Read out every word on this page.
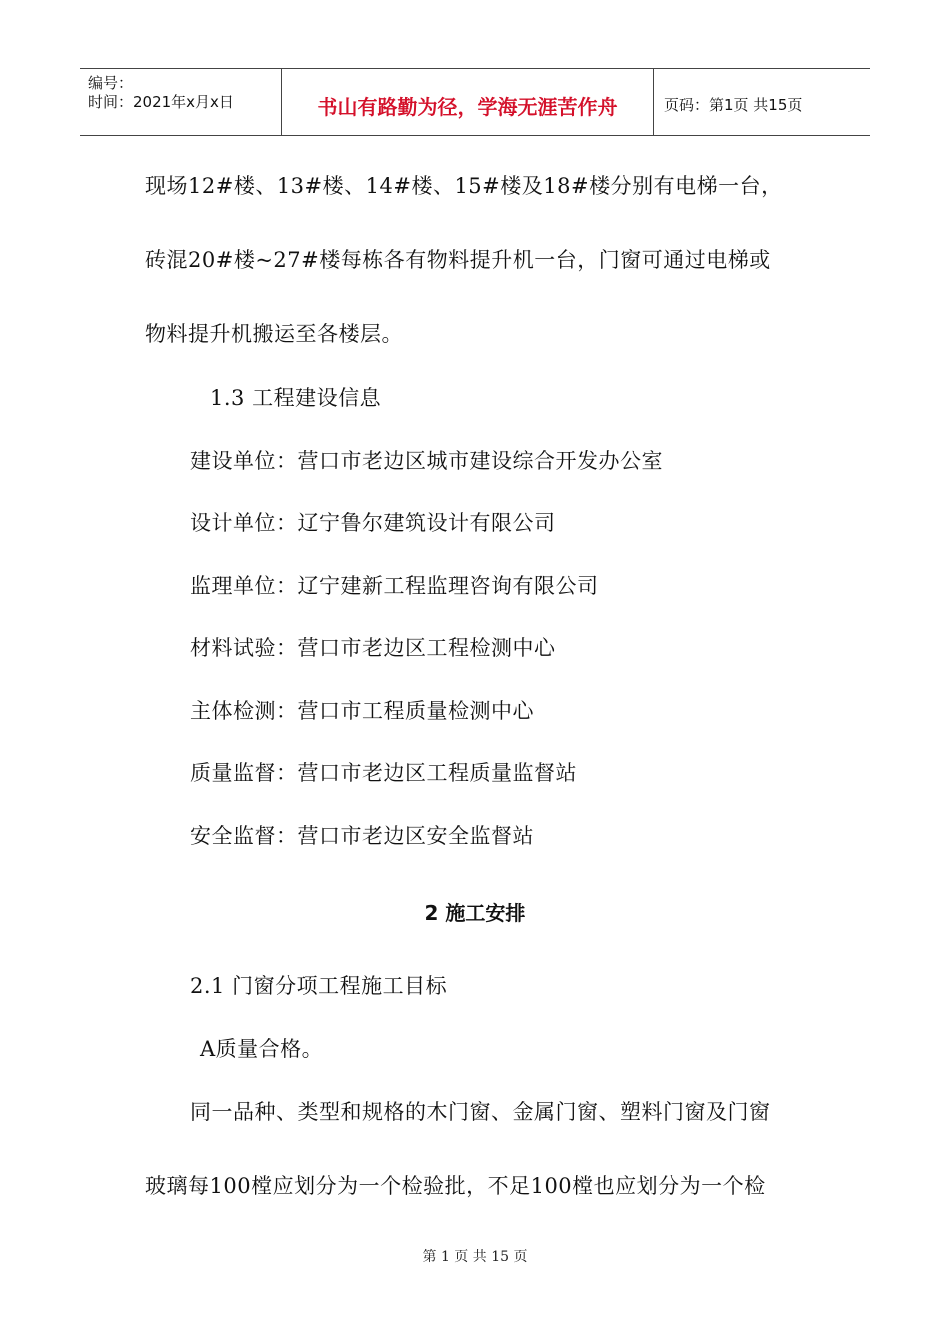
编号：
时间：2021年x月x日	书山有路勤为径，学海无涯苦作舟	页码：第1页 共15页

现场12#楼、13#楼、14#楼、15#楼及18#楼分别有电梯一台，

砖混20#楼~27#楼每栋各有物料提升机一台，门窗可通过电梯或

物料提升机搬运至各楼层。

1.3 工程建设信息

建设单位：营口市老边区城市建设综合开发办公室

设计单位：辽宁鲁尔建筑设计有限公司

监理单位：辽宁建新工程监理咨询有限公司

材料试验：营口市老边区工程检测中心

主体检测：营口市工程质量检测中心

质量监督：营口市老边区工程质量监督站

安全监督：营口市老边区安全监督站

2 施工安排

2.1 门窗分项工程施工目标

A质量合格。

同一品种、类型和规格的木门窗、金属门窗、塑料门窗及门窗

玻璃每100樘应划分为一个检验批，不足100樘也应划分为一个检

第 1 页 共 15 页
